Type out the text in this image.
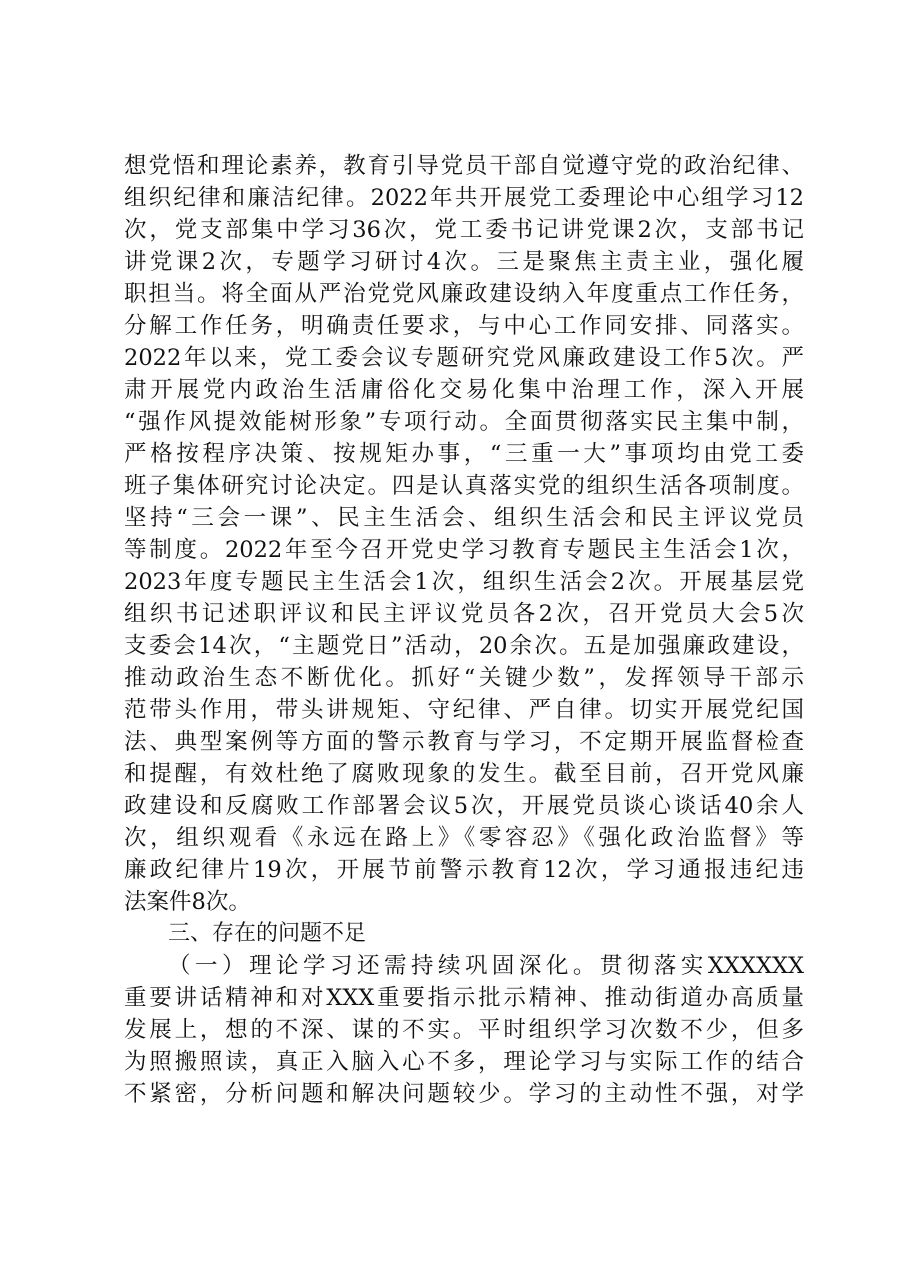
想党悟和理论素养，教育引导党员干部自觉遵守党的政治纪律、
组织纪律和廉洁纪律。2022年共开展党工委理论中心组学习12
次，党支部集中学习36次，党工委书记讲党课2次，支部书记
讲党课2次，专题学习研讨4次。三是聚焦主责主业，强化履
职担当。将全面从严治党党风廉政建设纳入年度重点工作任务，
分解工作任务，明确责任要求，与中心工作同安排、同落实。
2022年以来，党工委会议专题研究党风廉政建设工作5次。严
肃开展党内政治生活庸俗化交易化集中治理工作，深入开展
“强作风提效能树形象”专项行动。全面贯彻落实民主集中制，
严格按程序决策、按规矩办事，“三重一大”事项均由党工委
班子集体研究讨论决定。四是认真落实党的组织生活各项制度。
坚持“三会一课”、民主生活会、组织生活会和民主评议党员
等制度。2022年至今召开党史学习教育专题民主生活会1次，
2023年度专题民主生活会1次，组织生活会2次。开展基层党
组织书记述职评议和民主评议党员各2次，召开党员大会5次
支委会14次，“主题党日”活动，20余次。五是加强廉政建设，
推动政治生态不断优化。抓好“关键少数”，发挥领导干部示
范带头作用，带头讲规矩、守纪律、严自律。切实开展党纪国
法、典型案例等方面的警示教育与学习，不定期开展监督检查
和提醒，有效杜绝了腐败现象的发生。截至目前，召开党风廉
政建设和反腐败工作部署会议5次，开展党员谈心谈话40余人
次，组织观看《永远在路上》《零容忍》《强化政治监督》等
廉政纪律片19次，开展节前警示教育12次，学习通报违纪违
法案件8次。
三、存在的问题不足
（一）理论学习还需持续巩固深化。贯彻落实XXXXXX
重要讲话精神和对XXX重要指示批示精神、推动街道办高质量
发展上，想的不深、谋的不实。平时组织学习次数不少，但多
为照搬照读，真正入脑入心不多，理论学习与实际工作的结合
不紧密，分析问题和解决问题较少。学习的主动性不强，对学
